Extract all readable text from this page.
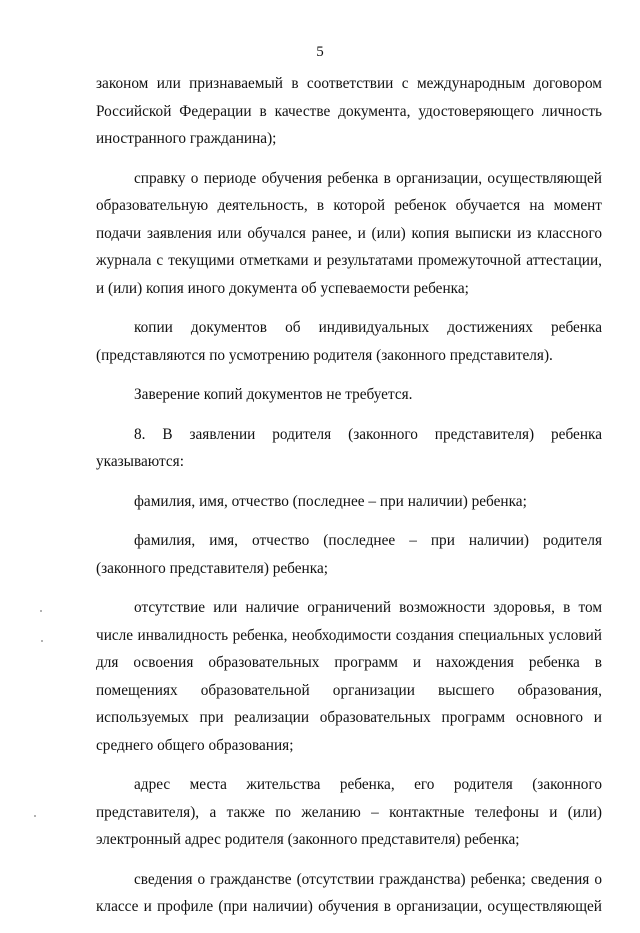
5

законом или признаваемый в соответствии с международным договором Российской Федерации в качестве документа, удостоверяющего личность иностранного гражданина);

справку о периоде обучения ребенка в организации, осуществляющей образовательную деятельность, в которой ребенок обучается на момент подачи заявления или обучался ранее, и (или) копия выписки из классного журнала с текущими отметками и результатами промежуточной аттестации, и (или) копия иного документа об успеваемости ребенка;

копии документов об индивидуальных достижениях ребенка (представляются по усмотрению родителя (законного представителя).

Заверение копий документов не требуется.

8. В заявлении родителя (законного представителя) ребенка указываются:

фамилия, имя, отчество (последнее – при наличии) ребенка;

фамилия, имя, отчество (последнее – при наличии) родителя (законного представителя) ребенка;

отсутствие или наличие ограничений возможности здоровья, в том числе инвалидность ребенка, необходимости создания специальных условий для освоения образовательных программ и нахождения ребенка в помещениях образовательной организации высшего образования, используемых при реализации образовательных программ основного и среднего общего образования;

адрес места жительства ребенка, его родителя (законного представителя), а также по желанию – контактные телефоны и (или) электронный адрес родителя (законного представителя) ребенка;

сведения о гражданстве (отсутствии гражданства) ребенка; сведения о классе и профиле (при наличии) обучения в организации, осуществляющей
